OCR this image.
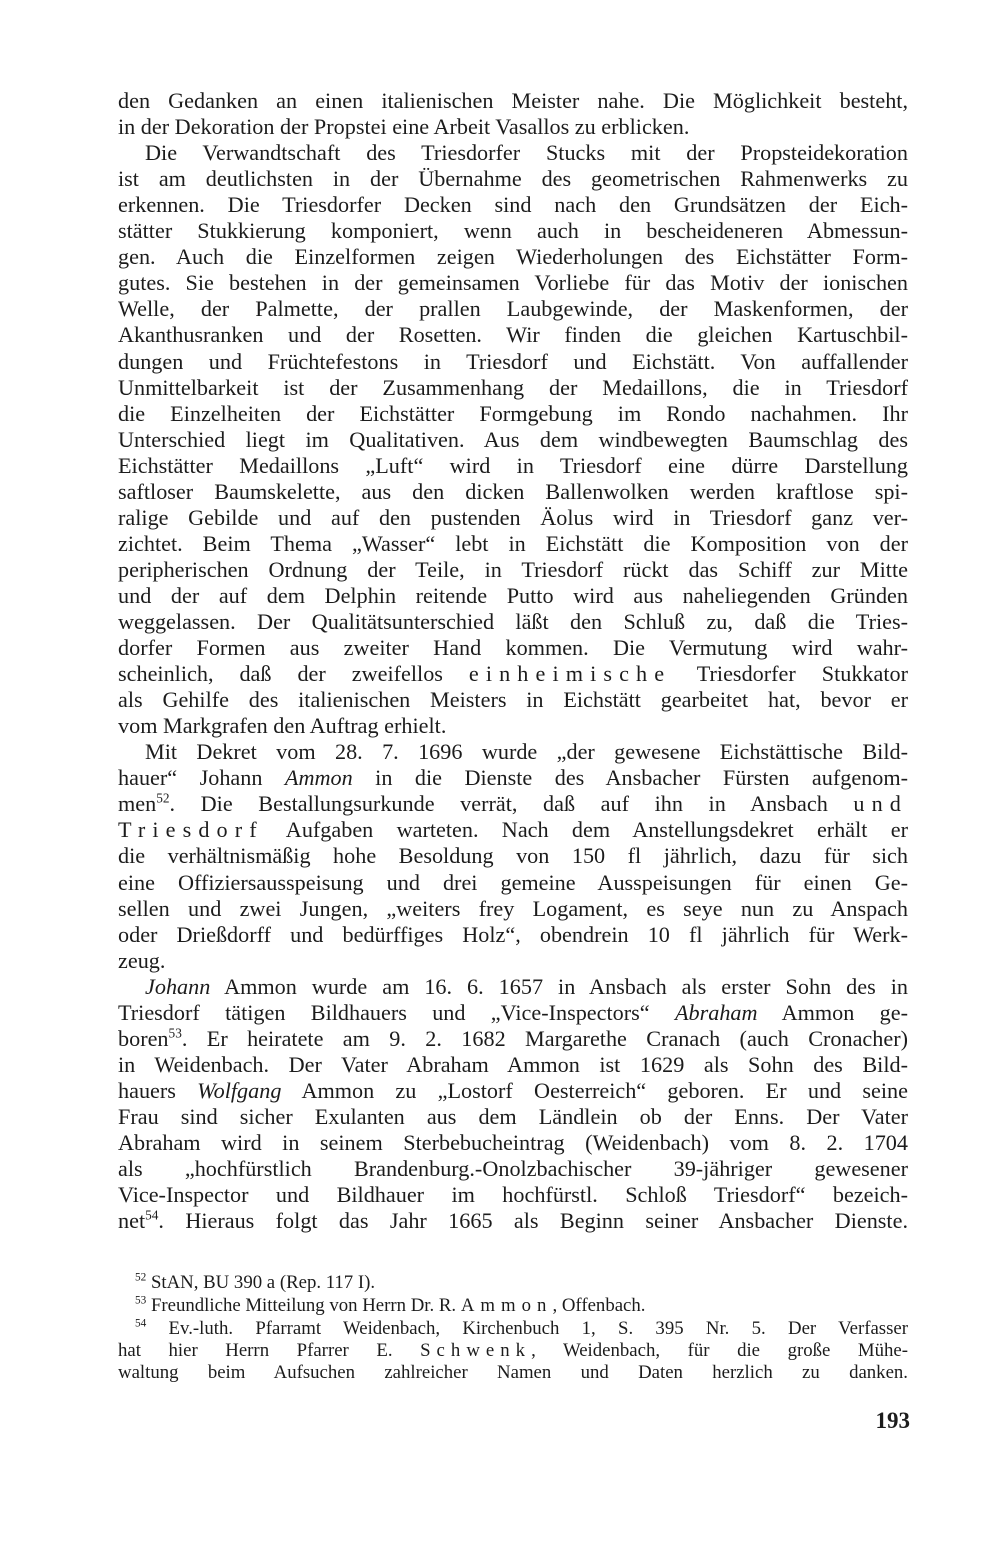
den Gedanken an einen italienischen Meister nahe. Die Möglichkeit besteht,
in der Dekoration der Propstei eine Arbeit Vasallos zu erblicken.
Die Verwandtschaft des Triesdorfer Stucks mit der Propsteidekoration
ist am deutlichsten in der Übernahme des geometrischen Rahmenwerks zu
erkennen. Die Triesdorfer Decken sind nach den Grundsätzen der Eich-
stätter Stukkierung komponiert, wenn auch in bescheideneren Abmessun-
gen. Auch die Einzelformen zeigen Wiederholungen des Eichstätter Form-
gutes. Sie bestehen in der gemeinsamen Vorliebe für das Motiv der ionischen
Welle, der Palmette, der prallen Laubgewinde, der Maskenformen, der
Akanthusranken und der Rosetten. Wir finden die gleichen Kartuschbil-
dungen und Früchtefestons in Triesdorf und Eichstätt. Von auffallender
Unmittelbarkeit ist der Zusammenhang der Medaillons, die in Triesdorf
die Einzelheiten der Eichstätter Formgebung im Rondo nachahmen. Ihr
Unterschied liegt im Qualitativen. Aus dem windbewegten Baumschlag des
Eichstätter Medaillons „Luft“ wird in Triesdorf eine dürre Darstellung
saftloser Baumskelette, aus den dicken Ballenwolken werden kraftlose spi-
ralige Gebilde und auf den pustenden Äolus wird in Triesdorf ganz ver-
zichtet. Beim Thema „Wasser“ lebt in Eichstätt die Komposition von der
peripherischen Ordnung der Teile, in Triesdorf rückt das Schiff zur Mitte
und der auf dem Delphin reitende Putto wird aus naheliegenden Gründen
weggelassen. Der Qualitätsunterschied läßt den Schluß zu, daß die Tries-
dorfer Formen aus zweiter Hand kommen. Die Vermutung wird wahr-
scheinlich, daß der zweifellos einheimische Triesdorfer Stukkator
als Gehilfe des italienischen Meisters in Eichstätt gearbeitet hat, bevor er
vom Markgrafen den Auftrag erhielt.
Mit Dekret vom 28. 7. 1696 wurde „der gewesene Eichstättische Bild-
hauer“ Johann Ammon in die Dienste des Ansbacher Fürsten aufgenom-
men$^{52}$. Die Bestallungsurkunde verrät, daß auf ihn in Ansbach und
Triesdorf Aufgaben warteten. Nach dem Anstellungsdekret erhält er
die verhältnismäßig hohe Besoldung von 150 fl jährlich, dazu für sich
eine Offiziersausspeisung und drei gemeine Ausspeisungen für einen Ge-
sellen und zwei Jungen, „weiters frey Logament, es seye nun zu Anspach
oder Drießdorff und bedürffiges Holz“, obendrein 10 fl jährlich für Werk-
zeug.
Johann Ammon wurde am 16. 6. 1657 in Ansbach als erster Sohn des in
Triesdorf tätigen Bildhauers und „Vice-Inspectors“ Abraham Ammon ge-
boren$^{53}$. Er heiratete am 9. 2. 1682 Margarethe Cranach (auch Cronacher)
in Weidenbach. Der Vater Abraham Ammon ist 1629 als Sohn des Bild-
hauers Wolfgang Ammon zu „Lostorf Oesterreich“ geboren. Er und seine
Frau sind sicher Exulanten aus dem Ländlein ob der Enns. Der Vater
Abraham wird in seinem Sterbebucheintrag (Weidenbach) vom 8. 2. 1704
als „hochfürstlich Brandenburg.-Onolzbachischer 39-jähriger gewesener
Vice-Inspector und Bildhauer im hochfürstl. Schloß Triesdorf“ bezeich-
net$^{54}$. Hieraus folgt das Jahr 1665 als Beginn seiner Ansbacher Dienste.
$^{52}$ StAN, BU 390 a (Rep. 117 I).
$^{53}$ Freundliche Mitteilung von Herrn Dr. R. Ammon, Offenbach.
$^{54}$ Ev.-luth. Pfarramt Weidenbach, Kirchenbuch 1, S. 395 Nr. 5. Der Verfasser
hat hier Herrn Pfarrer E. Schwenk, Weidenbach, für die große Mühe-
waltung beim Aufsuchen zahlreicher Namen und Daten herzlich zu danken.
193
